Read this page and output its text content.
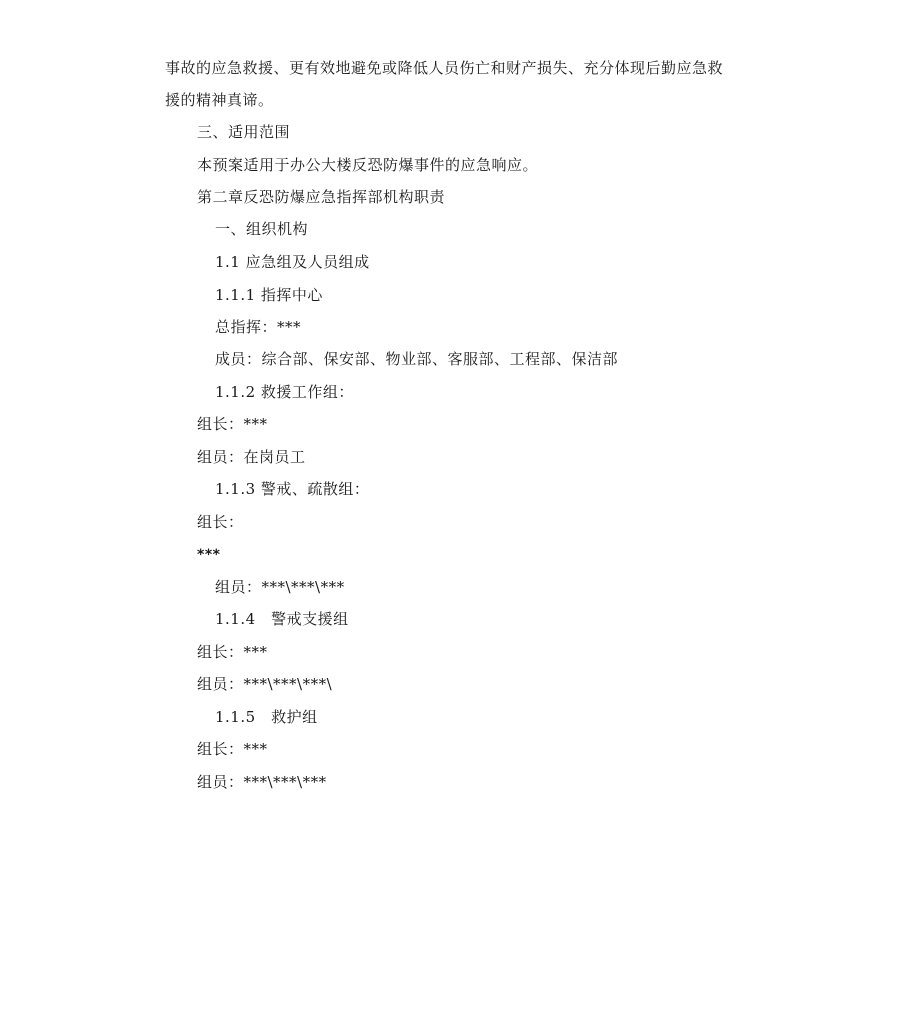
事故的应急救援、更有效地避免或降低人员伤亡和财产损失、充分体现后勤应急救
援的精神真谛。
三、适用范围
本预案适用于办公大楼反恐防爆事件的应急响应。
第二章反恐防爆应急指挥部机构职责
一、组织机构
1.1 应急组及人员组成
1.1.1 指挥中心
总指挥：***
成员：综合部、保安部、物业部、客服部、工程部、保洁部
1.1.2 救援工作组：
组长：***
组员：在岗员工
1.1.3 警戒、疏散组：
组长：
***
组员：***\***\***
1.1.4　警戒支援组
组长：***
组员：***\***\***\
1.1.5　救护组
组长：***
组员：***\***\***
